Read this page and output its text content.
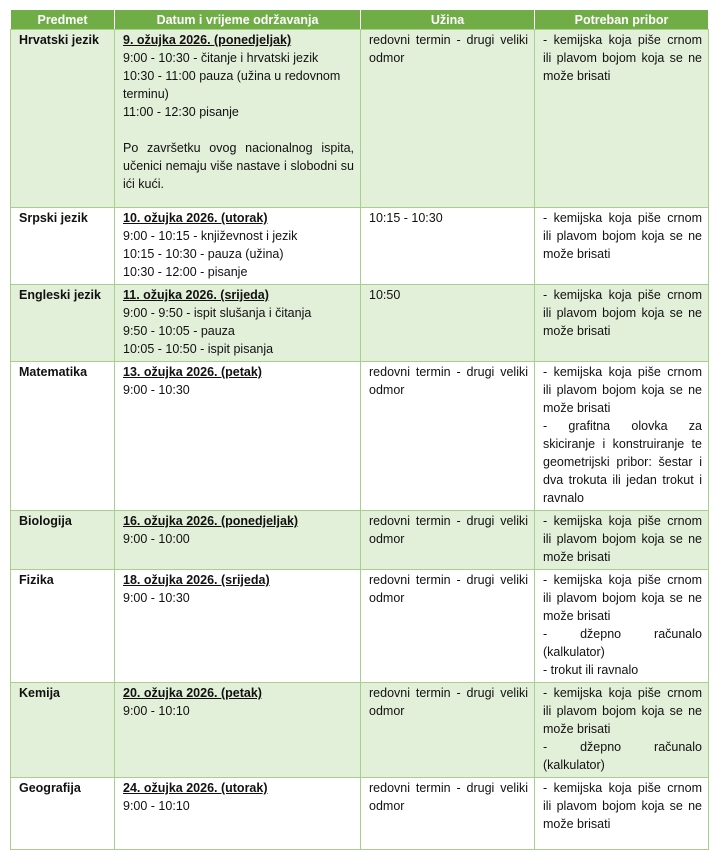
Predmet	Datum i vrijeme održavanja	Užina	Potreban pribor
Hrvatski jezik	9. ožujka 2026. (ponedjeljak)
9:00 - 10:30 - čitanje i hrvatski jezik
10:30 - 11:00 pauza (užina u redovnom terminu)
11:00 - 12:30 pisanje
Po završetku ovog nacionalnog ispita, učenici nemaju više nastave i slobodni su ići kući.	redovni termin - drugi veliki odmor	- kemijska koja piše crnom ili plavom bojom koja se ne može brisati

Srpski jezik	10. ožujka 2026. (utorak)
9:00 - 10:15 - književnost i jezik
10:15 - 10:30 - pauza (užina)
10:30 - 12:00 - pisanje	10:15 - 10:30	- kemijska koja piše crnom ili plavom bojom koja se ne može brisati

Engleski jezik	11. ožujka 2026. (srijeda)
9:00 - 9:50 - ispit slušanja i čitanja
9:50 - 10:05 - pauza
10:05 - 10:50 - ispit pisanja	10:50	- kemijska koja piše crnom ili plavom bojom koja se ne može brisati

Matematika	13. ožujka 2026. (petak)
9:00 - 10:30	redovni termin - drugi veliki odmor	- kemijska koja piše crnom ili plavom bojom koja se ne može brisati
- grafitna olovka za skiciranje i konstruiranje te geometrijski pribor: šestar i dva trokuta ili jedan trokut i ravnalo

Biologija	16. ožujka 2026. (ponedjeljak)
9:00 - 10:00	redovni termin - drugi veliki odmor	- kemijska koja piše crnom ili plavom bojom koja se ne može brisati

Fizika	18. ožujka 2026. (srijeda)
9:00 - 10:30	redovni termin - drugi veliki odmor	- kemijska koja piše crnom ili plavom bojom koja se ne može brisati
- džepno računalo (kalkulator)
- trokut ili ravnalo

Kemija	20. ožujka 2026. (petak)
9:00 - 10:10	redovni termin - drugi veliki odmor	- kemijska koja piše crnom ili plavom bojom koja se ne može brisati
- džepno računalo (kalkulator)

Geografija	24. ožujka 2026. (utorak)
9:00 - 10:10	redovni termin - drugi veliki odmor	- kemijska koja piše crnom ili plavom bojom koja se ne može brisati
